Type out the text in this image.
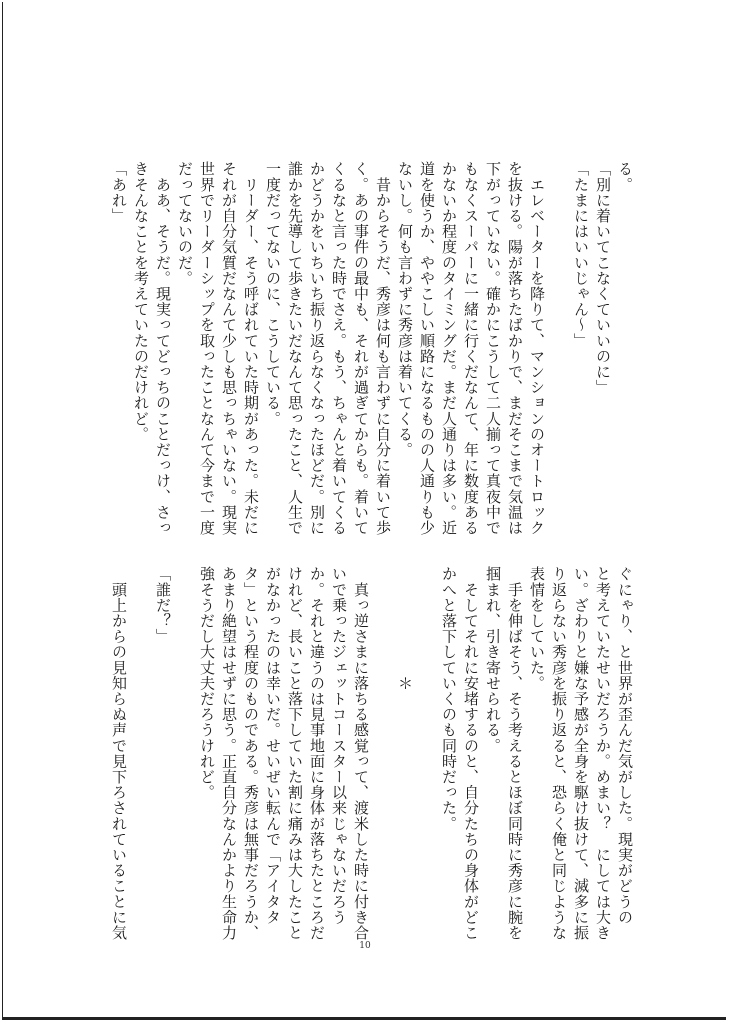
る。
「別に着いてこなくていいのに」
「たまにはいいじゃん〜」

　エレベーターを降りて、マンションのオートロック
を抜ける。陽が落ちたばかりで、まだそこまで気温は
下がっていない。確かにこうして二人揃って真夜中で
もなくスーパーに一緒に行くだなんて、年に数度ある
かないか程度のタイミングだ。まだ人通りは多い。近
道を使うか、ややこしい順路になるものの人通りも少
ないし。何も言わずに秀彦は着いてくる。
　昔からそうだ、秀彦は何も言わずに自分に着いて歩
く。あの事件の最中も、それが過ぎてからも。着いて
くるなと言った時でさえ。もう、ちゃんと着いてくる
かどうかをいちいち振り返らなくなったほどだ。別に
誰かを先導して歩きたいだなんて思ったこと、人生で
一度だってないのに、こうしている。
　リーダー、そう呼ばれていた時期があった。未だに
それが自分気質だなんて少しも思っちゃいない。現実
世界でリーダーシップを取ったことなんて今まで一度
だってないのだ。
　ああ、そうだ。現実ってどっちのことだっけ、さっ
きそんなことを考えていたのだけれど。
「あれ」
ぐにゃり、と世界が歪んだ気がした。現実がどうの
と考えていたせいだろうか。めまい？　にしては大き
い。ざわりと嫌な予感が全身を駆け抜けて、滅多に振
り返らない秀彦を振り返ると、恐らく俺と同じような
表情をしていた。
　手を伸ばそう、そう考えるとほぼ同時に秀彦に腕を
掴まれ、引き寄せられる。
　そしてそれに安堵するのと、自分たちの身体がどこ
かへと落下していくのも同時だった。

　　　　　　　＊

　真っ逆さまに落ちる感覚って、渡米した時に付き合
いで乗ったジェットコースター以来じゃないだろう
か。それと違うのは見事地面に身体が落ちたところだ
けれど、長いこと落下していた割に痛みは大したこと
がなかったのは幸いだ。せいぜい転んで「アイタタ
タ」という程度のものである。秀彦は無事だろうか、
あまり絶望はせずに思う。正直自分なんかより生命力
強そうだし大丈夫だろうけれど。

「誰だ？」

　頭上からの見知らぬ声で見下ろされていることに気
10
